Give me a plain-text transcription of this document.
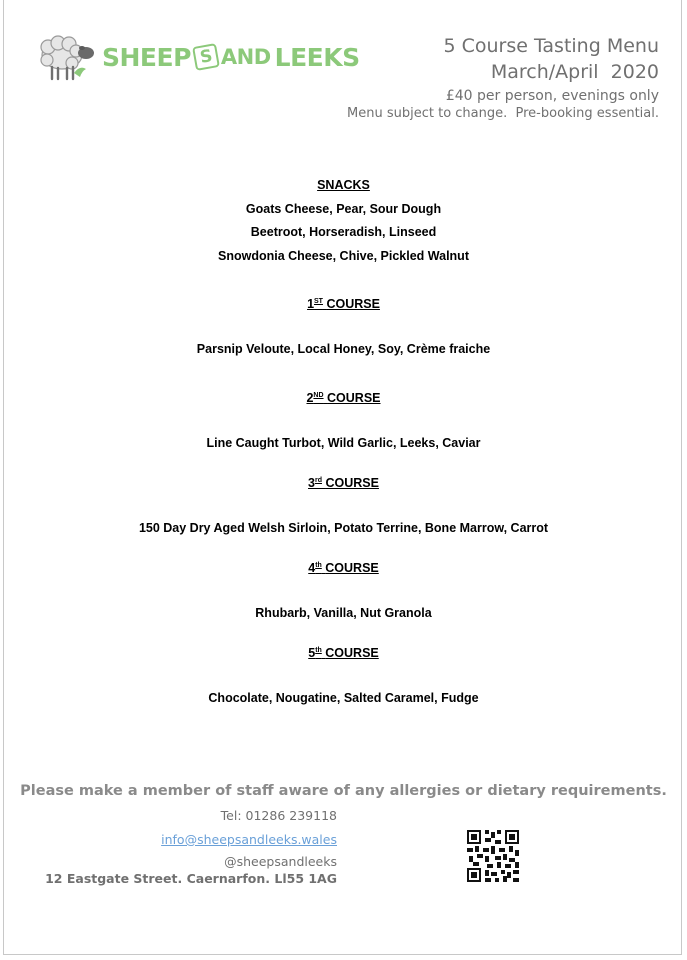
SHEEP S AND LEEKS	5 Course Tasting Menu
March/April  2020
£40 per person, evenings only
Menu subject to change.  Pre-booking essential.
SNACKS
Goats Cheese, Pear, Sour Dough
Beetroot, Horseradish, Linseed
Snowdonia Cheese, Chive, Pickled Walnut
1ST COURSE
Parsnip Veloute, Local Honey, Soy, Crème fraiche
2ND COURSE
Line Caught Turbot, Wild Garlic, Leeks, Caviar
3rd COURSE
150 Day Dry Aged Welsh Sirloin, Potato Terrine, Bone Marrow, Carrot
4th COURSE
Rhubarb, Vanilla, Nut Granola
5th COURSE
Chocolate, Nougatine, Salted Caramel, Fudge
Please make a member of staff aware of any allergies or dietary requirements.
Tel: 01286 239118
info@sheepsandleeks.wales
@sheepsandleeks
12 Eastgate Street. Caernarfon. Ll55 1AG
